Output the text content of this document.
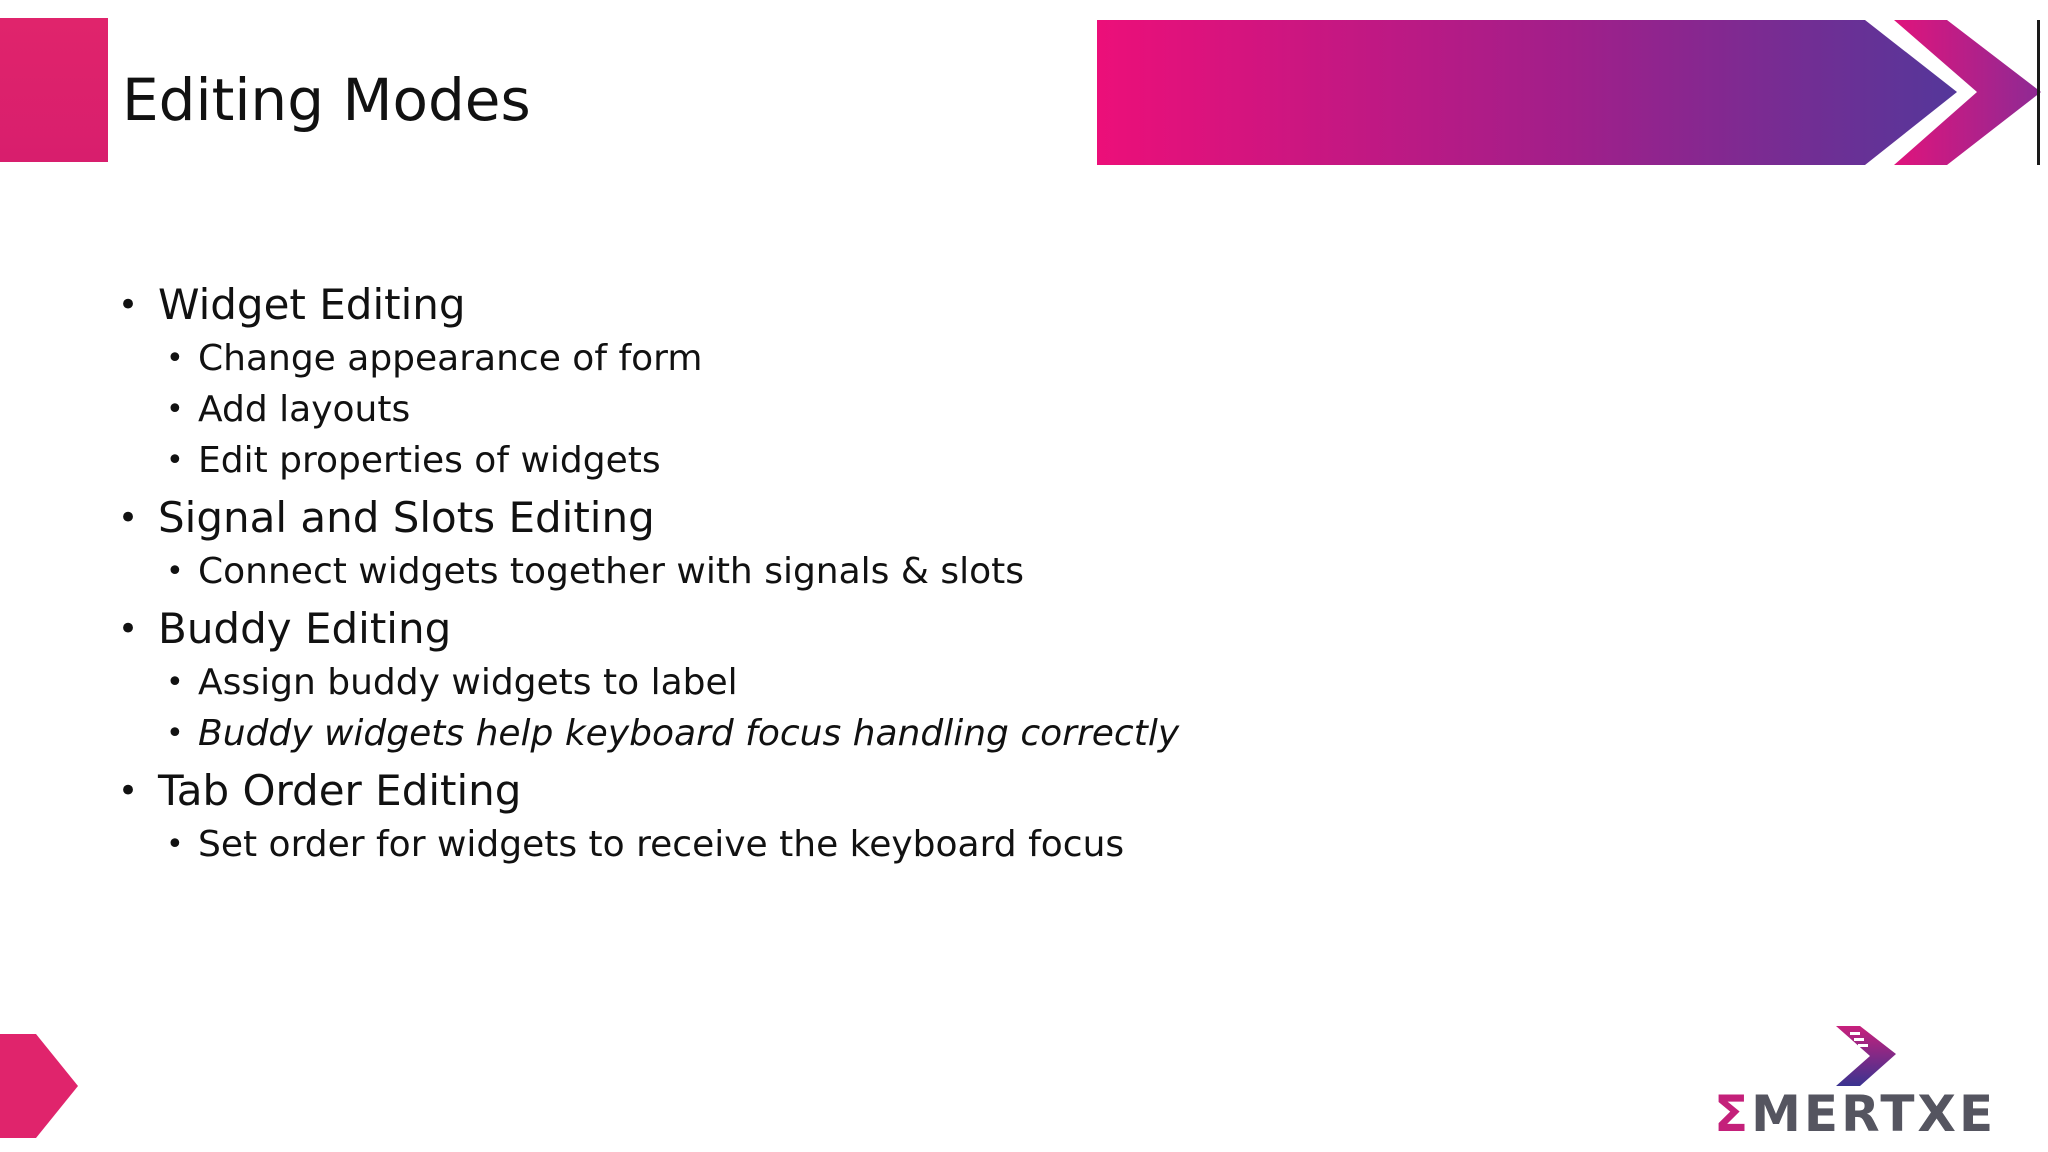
Editing Modes
• Widget Editing
• Change appearance of form
• Add layouts
• Edit properties of widgets
• Signal and Slots Editing
• Connect widgets together with signals & slots
• Buddy Editing
• Assign buddy widgets to label
• Buddy widgets help keyboard focus handling correctly
• Tab Order Editing
• Set order for widgets to receive the keyboard focus
ΣMERTXE
